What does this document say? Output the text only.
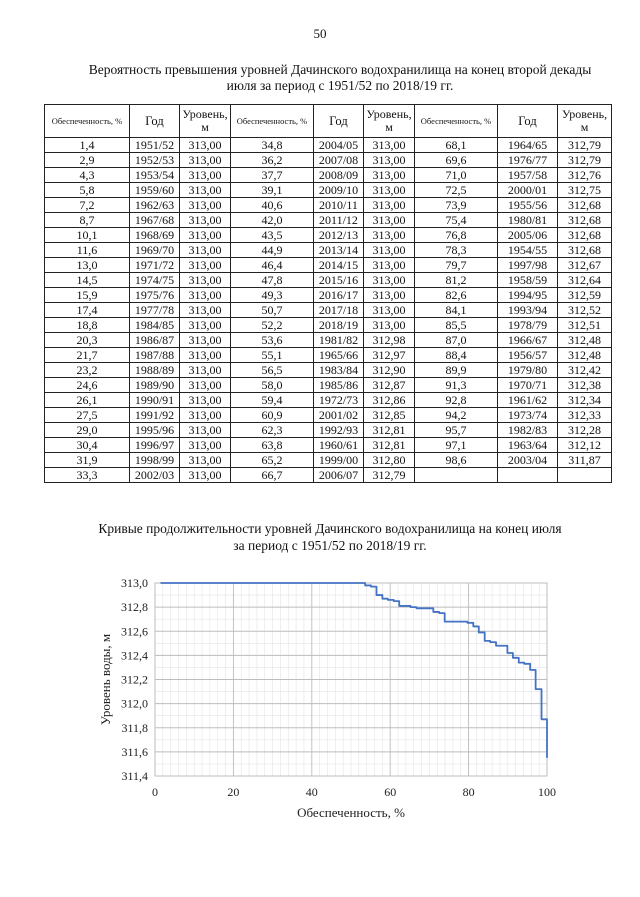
50
Вероятность превышения уровней Дачинского водохранилища на конец второй декады
июля за период с 1951/52 по 2018/19 гг.
Обеспеченность, %	Год	Уровень, м	Обеспеченность, %	Год	Уровень, м	Обеспеченность, %	Год	Уровень, м
1,4	1951/52	313,00	34,8	2004/05	313,00	68,1	1964/65	312,79
2,9	1952/53	313,00	36,2	2007/08	313,00	69,6	1976/77	312,79
4,3	1953/54	313,00	37,7	2008/09	313,00	71,0	1957/58	312,76
5,8	1959/60	313,00	39,1	2009/10	313,00	72,5	2000/01	312,75
7,2	1962/63	313,00	40,6	2010/11	313,00	73,9	1955/56	312,68
8,7	1967/68	313,00	42,0	2011/12	313,00	75,4	1980/81	312,68
10,1	1968/69	313,00	43,5	2012/13	313,00	76,8	2005/06	312,68
11,6	1969/70	313,00	44,9	2013/14	313,00	78,3	1954/55	312,68
13,0	1971/72	313,00	46,4	2014/15	313,00	79,7	1997/98	312,67
14,5	1974/75	313,00	47,8	2015/16	313,00	81,2	1958/59	312,64
15,9	1975/76	313,00	49,3	2016/17	313,00	82,6	1994/95	312,59
17,4	1977/78	313,00	50,7	2017/18	313,00	84,1	1993/94	312,52
18,8	1984/85	313,00	52,2	2018/19	313,00	85,5	1978/79	312,51
20,3	1986/87	313,00	53,6	1981/82	312,98	87,0	1966/67	312,48
21,7	1987/88	313,00	55,1	1965/66	312,97	88,4	1956/57	312,48
23,2	1988/89	313,00	56,5	1983/84	312,90	89,9	1979/80	312,42
24,6	1989/90	313,00	58,0	1985/86	312,87	91,3	1970/71	312,38
26,1	1990/91	313,00	59,4	1972/73	312,86	92,8	1961/62	312,34
27,5	1991/92	313,00	60,9	2001/02	312,85	94,2	1973/74	312,33
29,0	1995/96	313,00	62,3	1992/93	312,81	95,7	1982/83	312,28
30,4	1996/97	313,00	63,8	1960/61	312,81	97,1	1963/64	312,12
31,9	1998/99	313,00	65,2	1999/00	312,80	98,6	2003/04	311,87
33,3	2002/03	313,00	66,7	2006/07	312,79			
Кривые продолжительности уровней Дачинского водохранилища на конец июля
за период с 1951/52 по 2018/19 гг.
311,4
311,6
311,8
312,0
312,2
312,4
312,6
312,8
313,0
0	20	40	60	80	100
Обеспеченность, %
Уровень воды, м
